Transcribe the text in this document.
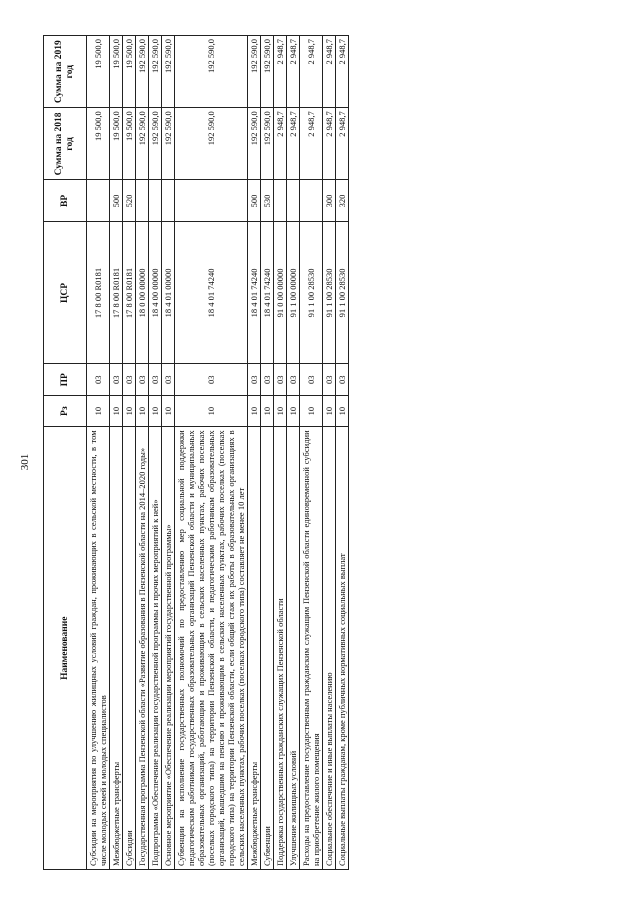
301
Наименование	Рз	ПР	ЦСР	ВР	Сумма на 2018 год	Сумма на 2019 год
Субсидии на мероприятия по улучшению жилищных условий граждан, проживающих в сельской местности, в том числе молодых семей и молодых специалистов	10	03	17 8 00 R0181		19 500,0	19 500,0
Межбюджетные трансферты	10	03	17 8 00 R0181	500	19 500,0	19 500,0
Субсидии	10	03	17 8 00 R0181	520	19 500,0	19 500,0
Государственная программа Пензенской области «Развитие образования в Пензенской области на 2014–2020 годы»	10	03	18 0 00 00000		192 590,0	192 590,0
Подпрограмма «Обеспечение реализации государственной программы и прочих мероприятий к ней»	10	03	18 4 00 00000		192 590,0	192 590,0
Основное мероприятие «Обеспечение реализации мероприятий государственной программы»	10	03	18 4 01 00000		192 590,0	192 590,0
Субвенции на исполнение государственных полномочий по предоставлению мер социальной поддержки педагогическим работникам государственных образовательных организаций Пензенской области и муниципальных образовательных организаций, работающим и проживающим в сельских населенных пунктах, рабочих поселках (поселках городского типа) на территории Пензенской области, и педагогическим работникам образовательных организаций, вышедшим на пенсию и проживающим в сельских населенных пунктах, рабочих поселках (поселках городского типа) на территории Пензенской области, если общий стаж их работы в образовательных организациях в сельских населенных пунктах, рабочих поселках (поселках городского типа) составляет не менее 10 лет	10	03	18 4 01 74240		192 590,0	192 590,0
Межбюджетные трансферты	10	03	18 4 01 74240	500	192 590,0	192 590,0
Субвенции	10	03	18 4 01 74240	530	192 590,0	192 590,0
Поддержка государственных гражданских служащих Пензенской области	10	03	91 0 00 00000		2 948,7	2 948,7
Улучшение жилищных условий	10	03	91 1 00 00000		2 948,7	2 948,7
Расходы на предоставление государственным гражданским служащим Пензенской области единовременной субсидии на приобретение жилого помещения	10	03	91 1 00 28530		2 948,7	2 948,7
Социальное обеспечение и иные выплаты населению	10	03	91 1 00 28530	300	2 948,7	2 948,7
Социальные выплаты гражданам, кроме публичных нормативных социальных выплат	10	03	91 1 00 28530	320	2 948,7	2 948,7
